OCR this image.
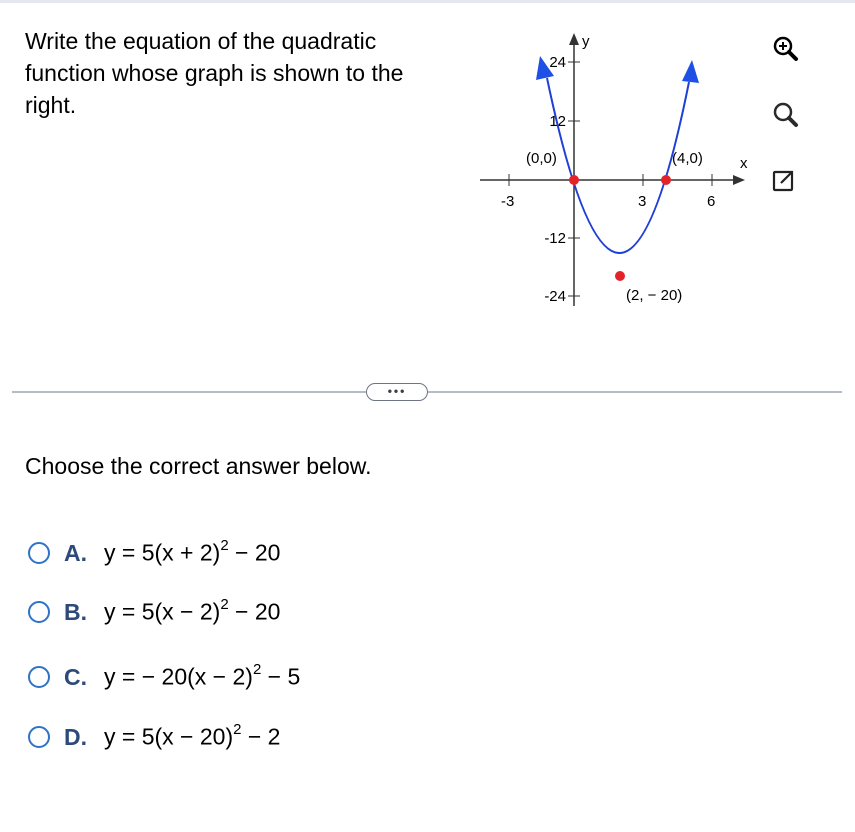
Write the equation of the quadratic function whose graph is shown to the right.
x
y
-3	3	6
24
12
-12
-24
(0,0)	(4,0)
(2, − 20)
•••
Choose the correct answer below.
A. $y = 5(x + 2)^2 - 20$
B. $y = 5(x - 2)^2 - 20$
C. y = − $20(x - 2)^2 - 5$
D. $y = 5(x - 20)^2 - 2$
